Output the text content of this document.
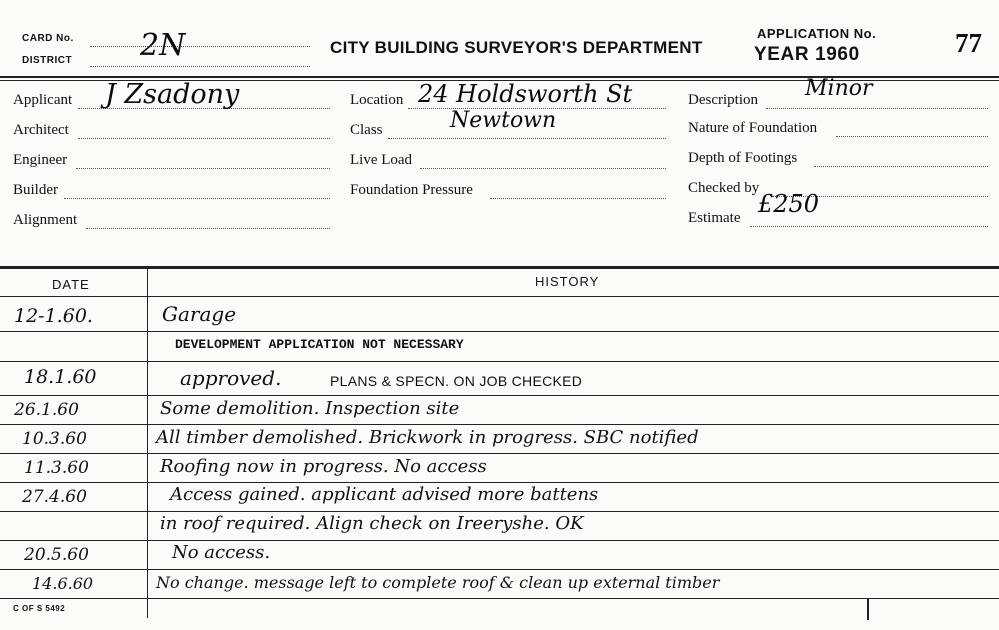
CARD No.
DISTRICT 2N	CITY BUILDING SURVEYOR'S DEPARTMENT
APPLICATION No.
YEAR 1960	77
Applicant J Zsadony
Architect
Engineer
Builder
Alignment
Location 24 Holdsworth St
Class	Newtown
Live Load
Foundation Pressure
Description Minor
Nature of Foundation
Depth of Footings
Checked by
Estimate £250
DATE	HISTORY
12-1.60.	Garage
DEVELOPMENT APPLICATION NOT NECESSARY
18.1.60	approved.	PLANS & SPECN. ON JOB CHECKED
26.1.60	Some demolition. Inspection site
10.3.60	All timber demolished. Brickwork in progress. SBC notified
11.3.60	Roofing now in progress. No access
27.4.60	Access gained. applicant advised more battens
in roof required. Align check on Ireeryshe. OK
20.5.60	No access.
14.6.60	No change. message left to complete roof & clean up external timber
C OF S 5492
